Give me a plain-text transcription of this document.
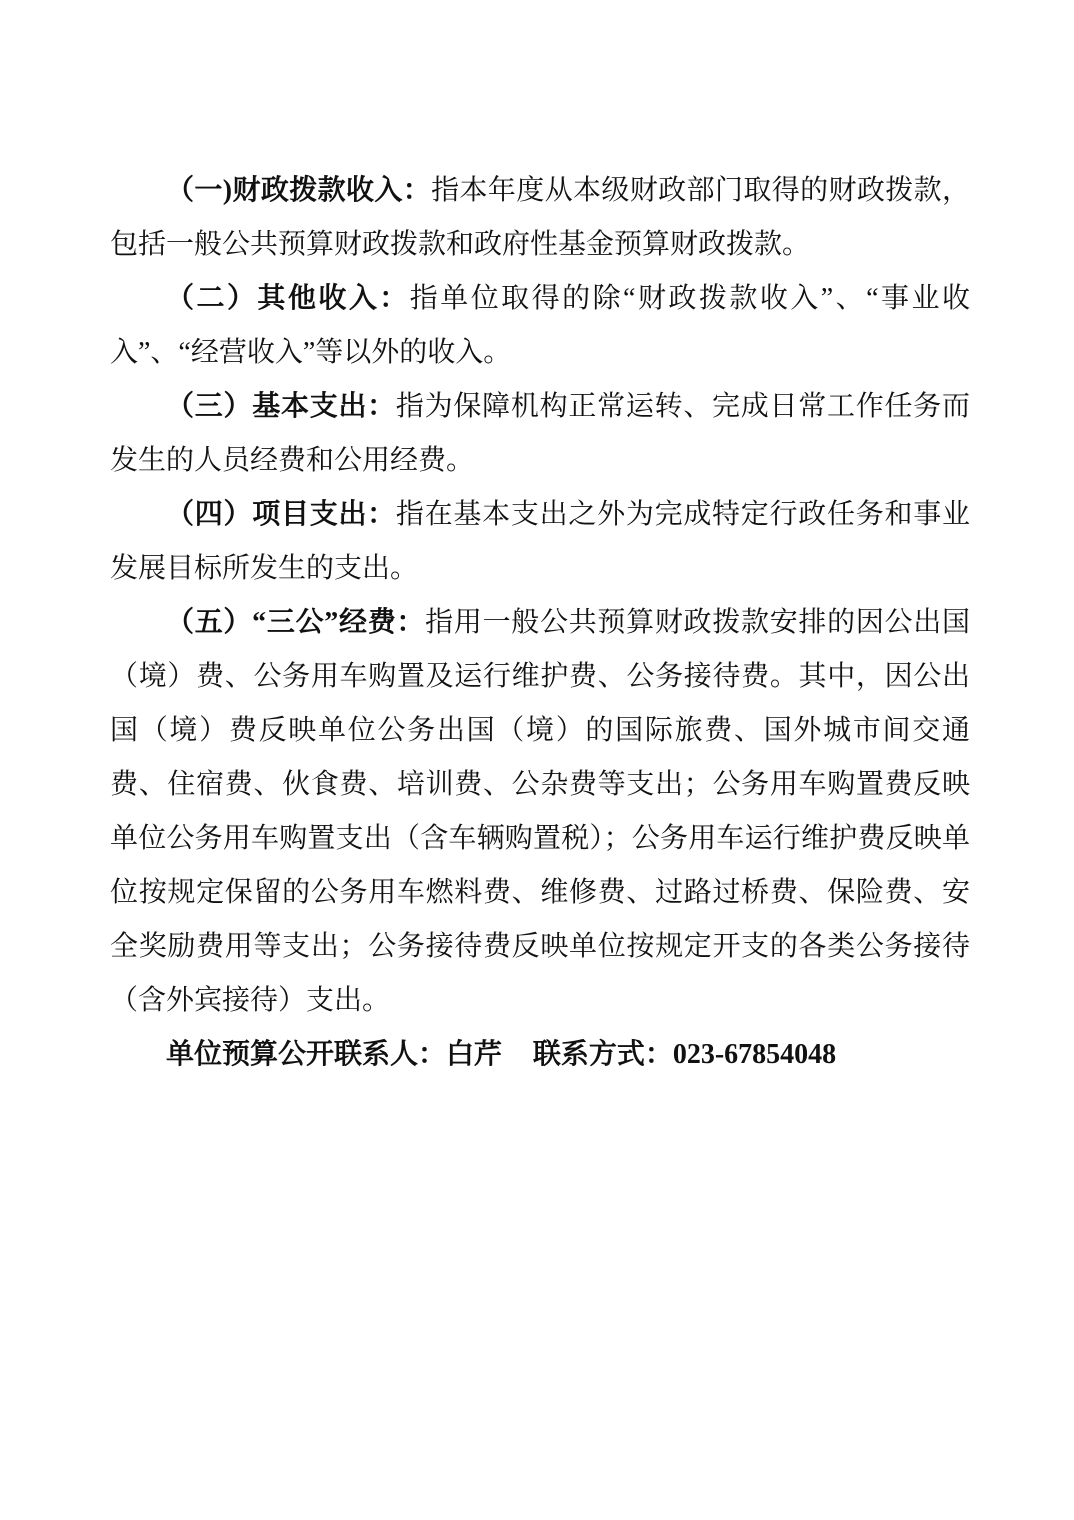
（一)财政拨款收入：指本年度从本级财政部门取得的财政拨款，包括一般公共预算财政拨款和政府性基金预算财政拨款。

（二）其他收入：指单位取得的除“财政拨款收入”、“事业收入”、“经营收入”等以外的收入。

（三）基本支出：指为保障机构正常运转、完成日常工作任务而发生的人员经费和公用经费。

（四）项目支出：指在基本支出之外为完成特定行政任务和事业发展目标所发生的支出。

（五）“三公”经费：指用一般公共预算财政拨款安排的因公出国（境）费、公务用车购置及运行维护费、公务接待费。其中，因公出国（境）费反映单位公务出国（境）的国际旅费、国外城市间交通费、住宿费、伙食费、培训费、公杂费等支出；公务用车购置费反映单位公务用车购置支出（含车辆购置税）；公务用车运行维护费反映单位按规定保留的公务用车燃料费、维修费、过路过桥费、保险费、安全奖励费用等支出；公务接待费反映单位按规定开支的各类公务接待（含外宾接待）支出。

单位预算公开联系人：白芹 联系方式：023-67854048
